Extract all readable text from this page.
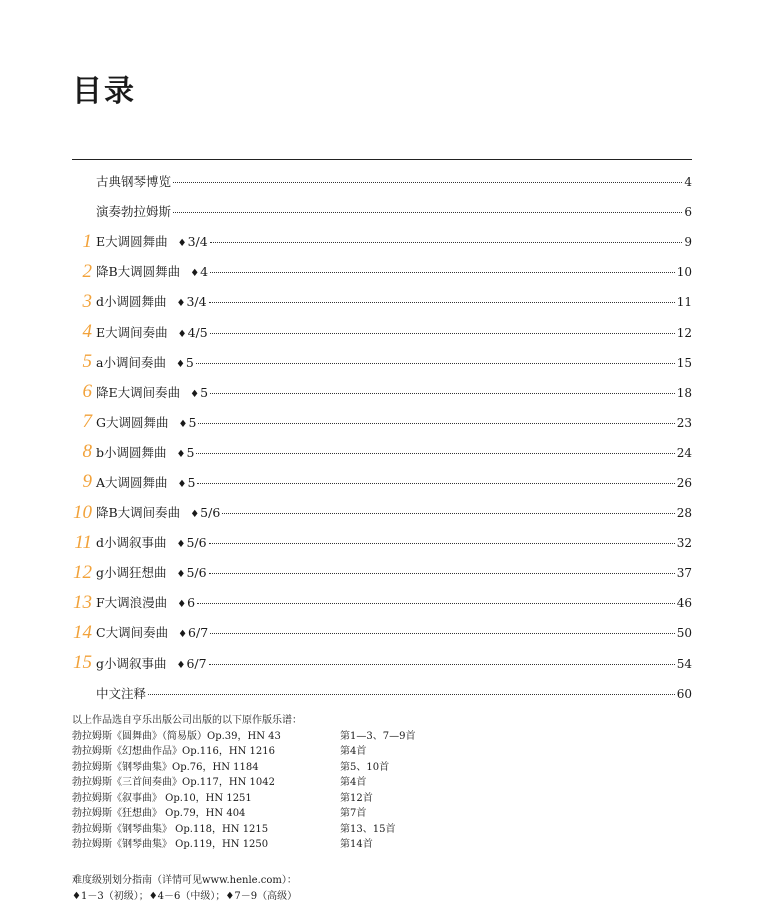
目录
古典钢琴博览	4
演奏勃拉姆斯	6
1 E大调圆舞曲 ♦3/4	9
2 降B大调圆舞曲 ♦4	10
3 d小调圆舞曲 ♦3/4	11
4 E大调间奏曲 ♦4/5	12
5 a小调间奏曲 ♦5	15
6 降E大调间奏曲 ♦5	18
7 G大调圆舞曲 ♦5	23
8 b小调圆舞曲 ♦5	24
9 A大调圆舞曲 ♦5	26
10 降B大调间奏曲 ♦5/6	28
11 d小调叙事曲 ♦5/6	32
12 g小调狂想曲 ♦5/6	37
13 F大调浪漫曲 ♦6	46
14 C大调间奏曲 ♦6/7	50
15 g小调叙事曲 ♦6/7	54
中文注释	60

以上作品选自亨乐出版公司出版的以下原作版乐谱：

勃拉姆斯《圆舞曲》（简易版）Op.39，HN 43	第1—3、7—9首
勃拉姆斯《幻想曲作品》Op.116，HN 1216	第4首
勃拉姆斯《钢琴曲集》Op.76，HN 1184	第5、10首
勃拉姆斯《三首间奏曲》Op.117，HN 1042	第4首
勃拉姆斯《叙事曲》 Op.10，HN 1251	第12首
勃拉姆斯《狂想曲》 Op.79，HN 404	第7首
勃拉姆斯《钢琴曲集》 Op.118，HN 1215	第13、15首
勃拉姆斯《钢琴曲集》 Op.119，HN 1250	第14首

难度级别划分指南（详情可见www.henle.com）：

♦1－3（初级）；♦4－6（中级）；♦7－9（高级）
